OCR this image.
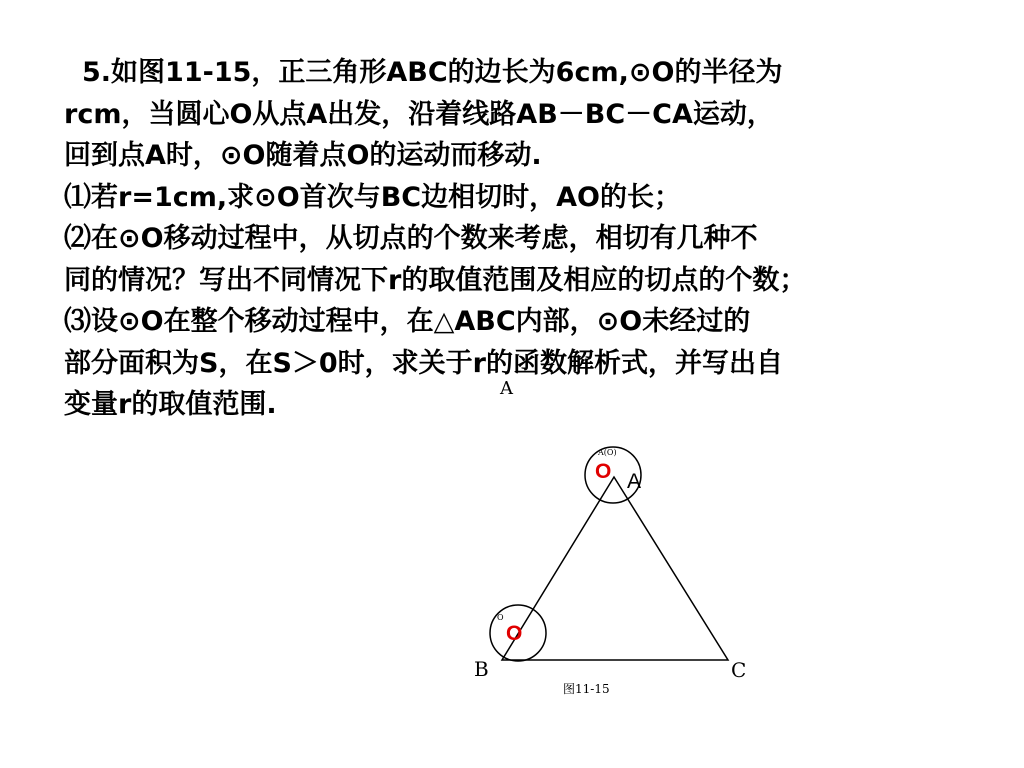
5.如图11-15，正三角形ABC的边长为6cm,⊙O的半径为
rcm，当圆心O从点A出发，沿着线路AB－BC－CA运动，
回到点A时，⊙O随着点O的运动而移动.
⑴若r=1cm,求⊙O首次与BC边相切时，AO的长；
⑵在⊙O移动过程中，从切点的个数来考虑，相切有几种不
同的情况？写出不同情况下r的取值范围及相应的切点的个数；
⑶设⊙O在整个移动过程中，在△ABC内部，⊙O未经过的
部分面积为S，在S＞0时，求关于r的函数解析式，并写出自
变量r的取值范围.
A
A(O)
O A
O
O
B	C
图11-15
